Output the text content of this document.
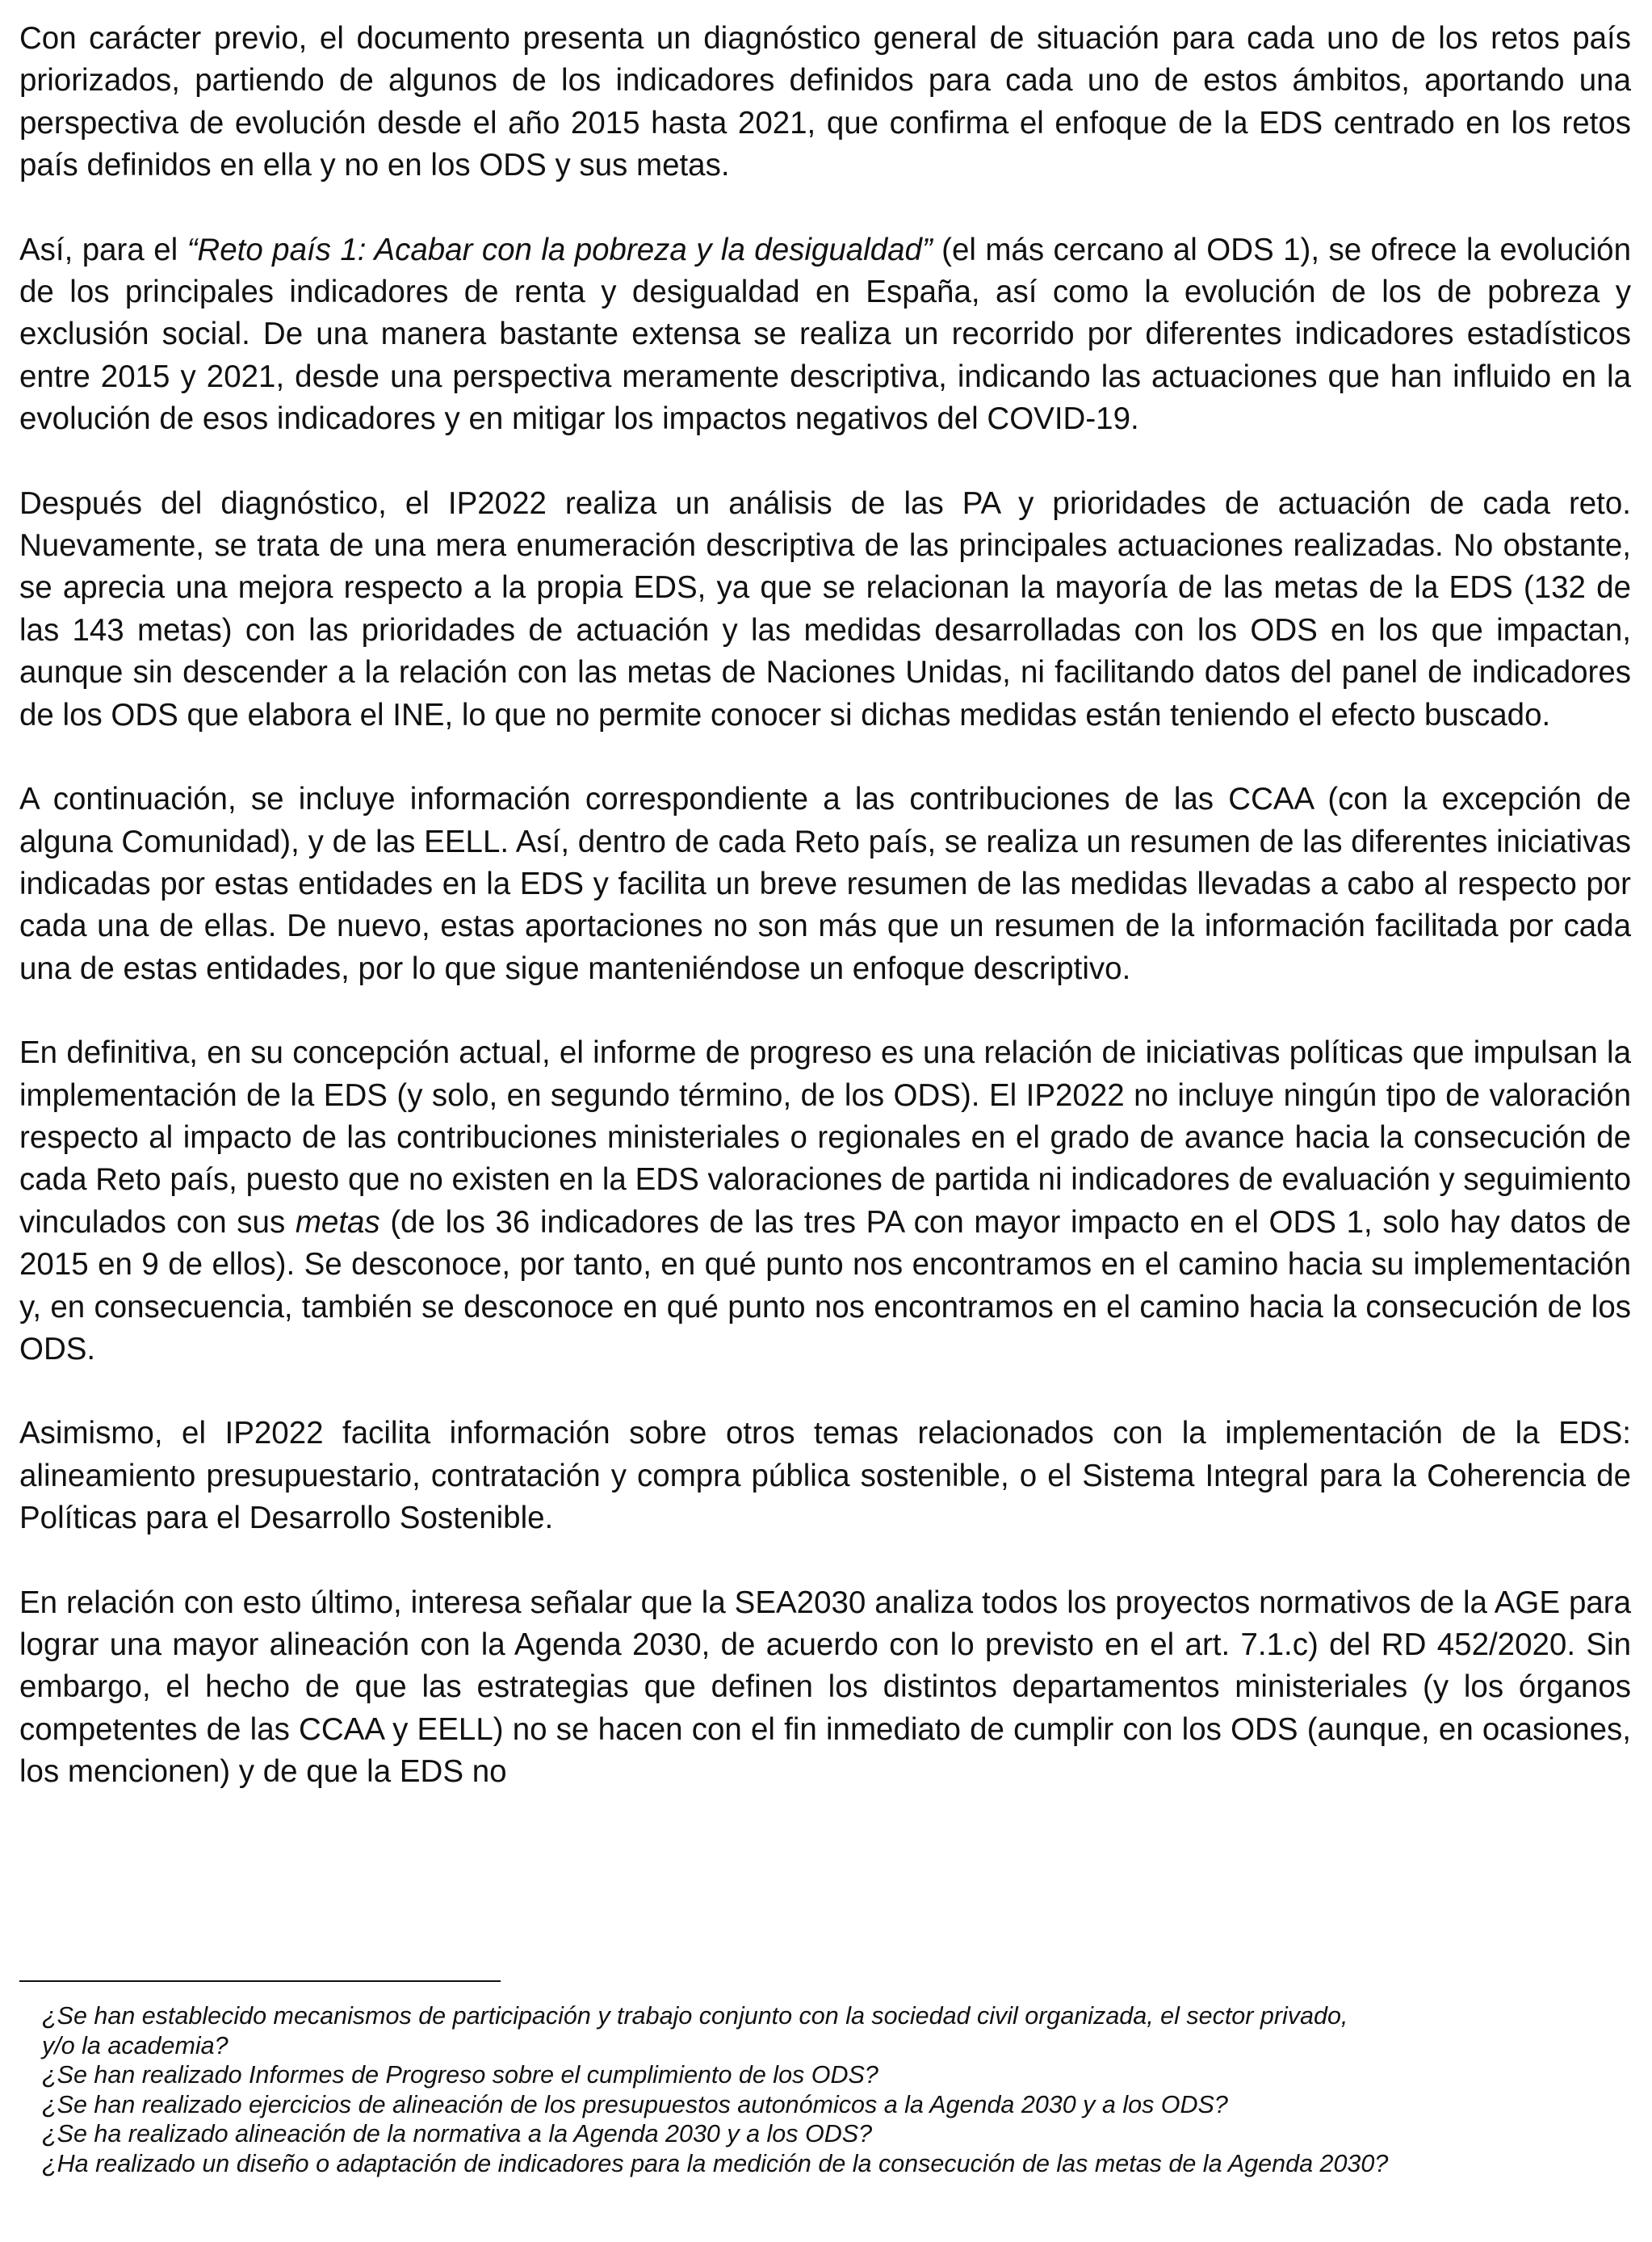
Con carácter previo, el documento presenta un diagnóstico general de situación para cada uno de los retos país priorizados, partiendo de algunos de los indicadores definidos para cada uno de estos ámbitos, aportando una perspectiva de evolución desde el año 2015 hasta 2021, que confirma el enfoque de la EDS centrado en los retos país definidos en ella y no en los ODS y sus metas.

Así, para el “Reto país 1: Acabar con la pobreza y la desigualdad” (el más cercano al ODS 1), se ofrece la evolución de los principales indicadores de renta y desigualdad en España, así como la evolución de los de pobreza y exclusión social. De una manera bastante extensa se realiza un recorrido por diferentes indicadores estadísticos entre 2015 y 2021, desde una perspectiva meramente descriptiva, indicando las actuaciones que han influido en la evolución de esos indicadores y en mitigar los impactos negativos del COVID-19.

Después del diagnóstico, el IP2022 realiza un análisis de las PA y prioridades de actuación de cada reto. Nuevamente, se trata de una mera enumeración descriptiva de las principales actuaciones realizadas. No obstante, se aprecia una mejora respecto a la propia EDS, ya que se relacionan la mayoría de las metas de la EDS (132 de las 143 metas) con las prioridades de actuación y las medidas desarrolladas con los ODS en los que impactan, aunque sin descender a la relación con las metas de Naciones Unidas, ni facilitando datos del panel de indicadores de los ODS que elabora el INE, lo que no permite conocer si dichas medidas están teniendo el efecto buscado.

A continuación, se incluye información correspondiente a las contribuciones de las CCAA (con la excepción de alguna Comunidad), y de las EELL. Así, dentro de cada Reto país, se realiza un resumen de las diferentes iniciativas indicadas por estas entidades en la EDS y facilita un breve resumen de las medidas llevadas a cabo al respecto por cada una de ellas. De nuevo, estas aportaciones no son más que un resumen de la información facilitada por cada una de estas entidades, por lo que sigue manteniéndose un enfoque descriptivo.

En definitiva, en su concepción actual, el informe de progreso es una relación de iniciativas políticas que impulsan la implementación de la EDS (y solo, en segundo término, de los ODS). El IP2022 no incluye ningún tipo de valoración respecto al impacto de las contribuciones ministeriales o regionales en el grado de avance hacia la consecución de cada Reto país, puesto que no existen en la EDS valoraciones de partida ni indicadores de evaluación y seguimiento vinculados con sus metas (de los 36 indicadores de las tres PA con mayor impacto en el ODS 1, solo hay datos de 2015 en 9 de ellos). Se desconoce, por tanto, en qué punto nos encontramos en el camino hacia su implementación y, en consecuencia, también se desconoce en qué punto nos encontramos en el camino hacia la consecución de los ODS.

Asimismo, el IP2022 facilita información sobre otros temas relacionados con la implementación de la EDS: alineamiento presupuestario, contratación y compra pública sostenible, o el Sistema Integral para la Coherencia de Políticas para el Desarrollo Sostenible.

En relación con esto último, interesa señalar que la SEA2030 analiza todos los proyectos normativos de la AGE para lograr una mayor alineación con la Agenda 2030, de acuerdo con lo previsto en el art. 7.1.c) del RD 452/2020. Sin embargo, el hecho de que las estrategias que definen los distintos departamentos ministeriales (y los órganos competentes de las CCAA y EELL) no se hacen con el fin inmediato de cumplir con los ODS (aunque, en ocasiones, los mencionen) y de que la EDS no

¿Se han establecido mecanismos de participación y trabajo conjunto con la sociedad civil organizada, el sector privado,
y/o la academia?
¿Se han realizado Informes de Progreso sobre el cumplimiento de los ODS?
¿Se han realizado ejercicios de alineación de los presupuestos autonómicos a la Agenda 2030 y a los ODS?
¿Se ha realizado alineación de la normativa a la Agenda 2030 y a los ODS?
¿Ha realizado un diseño o adaptación de indicadores para la medición de la consecución de las metas de la Agenda 2030?
